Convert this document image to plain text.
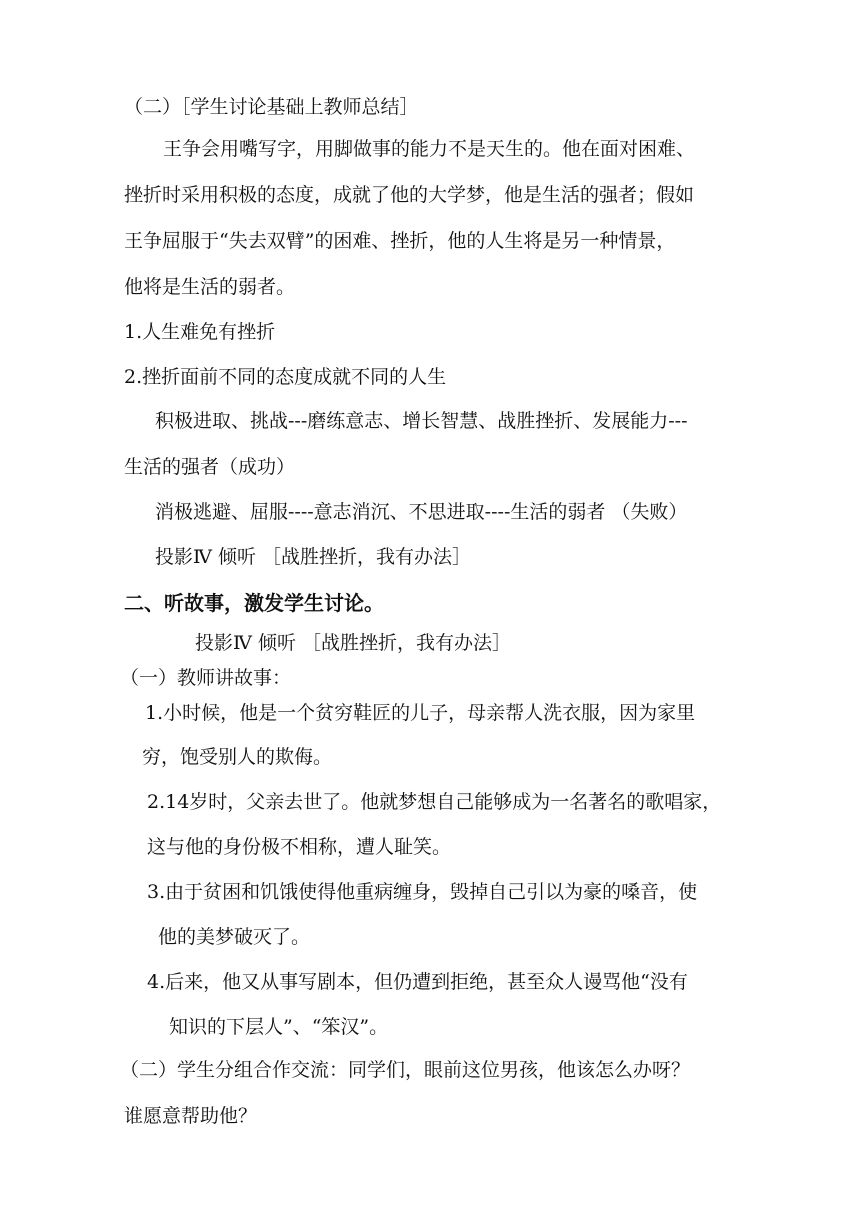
（二）［学生讨论基础上教师总结］
王争会用嘴写字，用脚做事的能力不是天生的。他在面对困难、
挫折时采用积极的态度，成就了他的大学梦，他是生活的强者；假如
王争屈服于“失去双臂”的困难、挫折，他的人生将是另一种情景，
他将是生活的弱者。
1.人生难免有挫折
2.挫折面前不同的态度成就不同的人生
积极进取、挑战---磨练意志、增长智慧、战胜挫折、发展能力---
生活的强者（成功）
消极逃避、屈服----意志消沉、不思进取----生活的弱者 （失败）
投影Ⅳ 倾听 ［战胜挫折，我有办法］
二、听故事，激发学生讨论。
投影Ⅳ 倾听 ［战胜挫折，我有办法］
（一）教师讲故事：
1.小时候，他是一个贫穷鞋匠的儿子，母亲帮人洗衣服，因为家里
穷，饱受别人的欺侮。
2.14岁时，父亲去世了。他就梦想自己能够成为一名著名的歌唱家，
这与他的身份极不相称，遭人耻笑。
3.由于贫困和饥饿使得他重病缠身，毁掉自己引以为豪的嗓音，使
他的美梦破灭了。
4.后来，他又从事写剧本，但仍遭到拒绝，甚至众人谩骂他“没有
知识的下层人”、“笨汉”。
（二）学生分组合作交流：同学们，眼前这位男孩，他该怎么办呀？
谁愿意帮助他？
